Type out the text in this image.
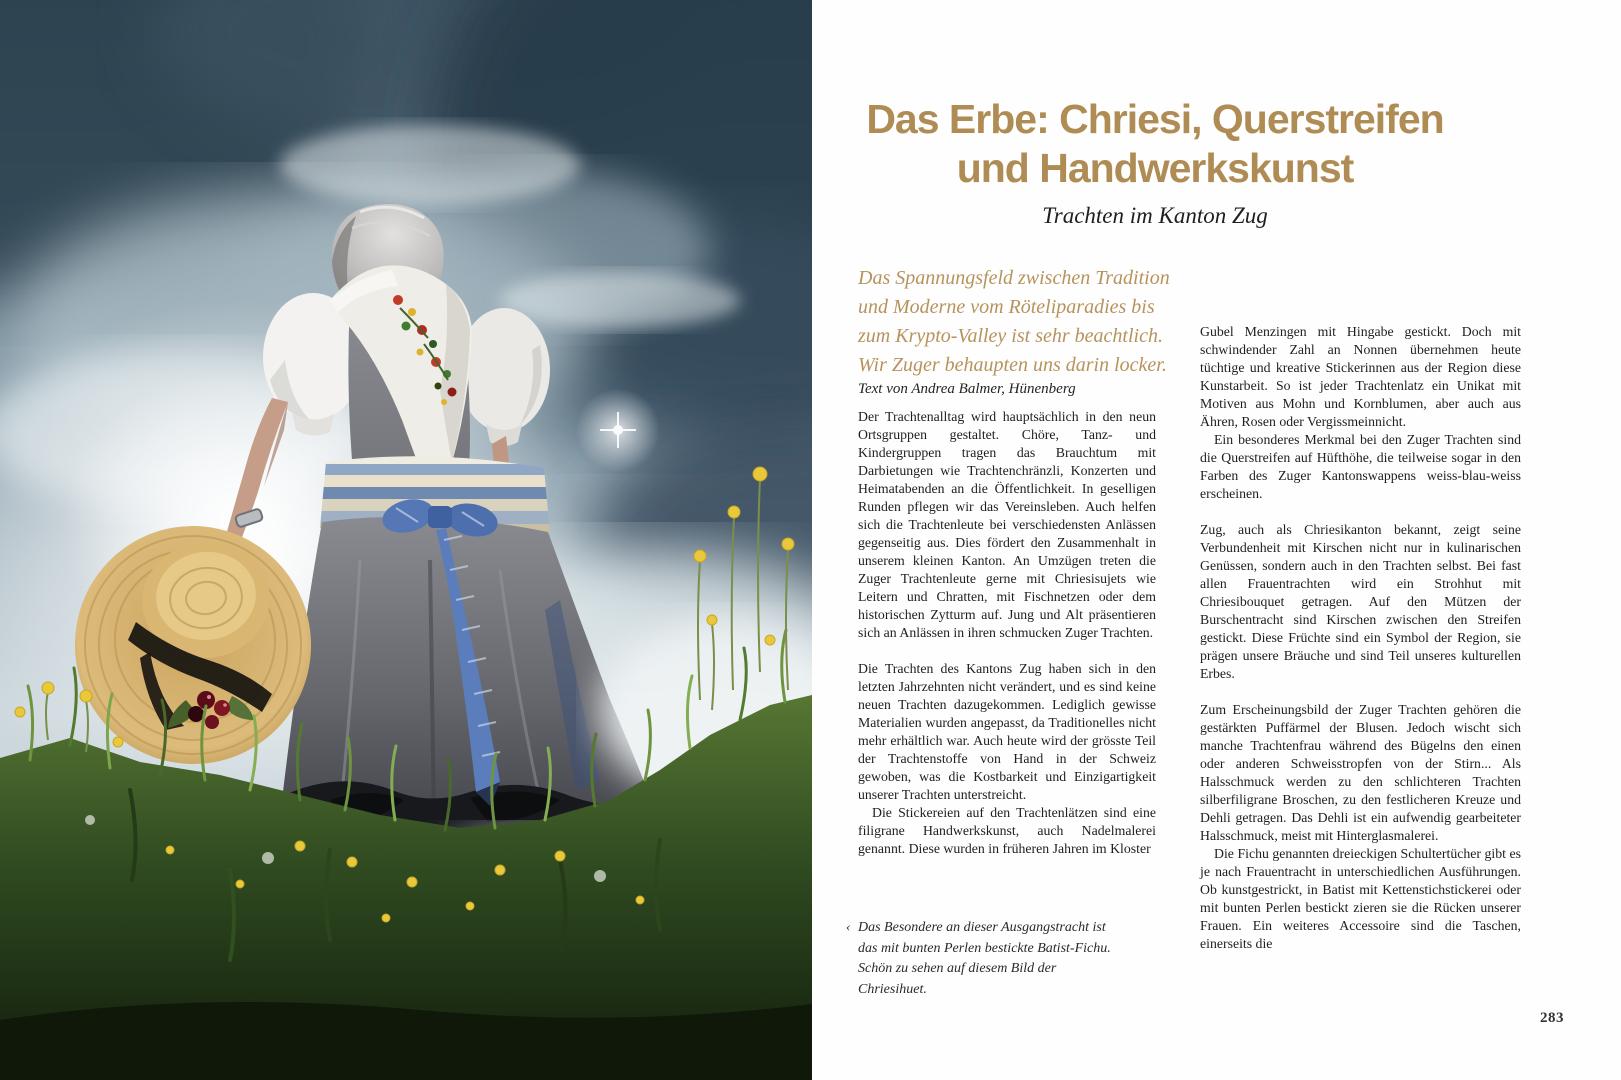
Das Erbe: Chriesi, Querstreifen
und Handwerkskunst
Trachten im Kanton Zug
Das Spannungsfeld zwischen Tradition und Moderne vom Röteliparadies bis zum Krypto-Valley ist sehr beachtlich. Wir Zuger behaupten uns darin locker.
Text von Andrea Balmer, Hünenberg

Der Trachtenalltag wird hauptsächlich in den neun Ortsgruppen gestaltet. Chöre, Tanz- und Kindergruppen tragen das Brauchtum mit Darbietungen wie Trachtenchränzli, Konzerten und Heimatabenden an die Öffentlichkeit. In geselligen Runden pflegen wir das Vereinsleben. Auch helfen sich die Trachtenleute bei verschiedensten Anlässen gegenseitig aus. Dies fördert den Zusammenhalt in unserem kleinen Kanton. An Umzügen treten die Zuger Trachtenleute gerne mit Chriesisujets wie Leitern und Chratten, mit Fischnetzen oder dem historischen Zytturm auf. Jung und Alt präsentieren sich an Anlässen in ihren schmucken Zuger Trachten.

Die Trachten des Kantons Zug haben sich in den letzten Jahrzehnten nicht verändert, und es sind keine neuen Trachten dazugekommen. Lediglich gewisse Materialien wurden angepasst, da Traditionelles nicht mehr erhältlich war. Auch heute wird der grösste Teil der Trachtenstoffe von Hand in der Schweiz gewoben, was die Kostbarkeit und Einzigartigkeit unserer Trachten unterstreicht.

Die Stickereien auf den Trachtenlätzen sind eine filigrane Handwerkskunst, auch Nadelmalerei genannt. Diese wurden in früheren Jahren im Kloster

Gubel Menzingen mit Hingabe gestickt. Doch mit schwindender Zahl an Nonnen übernehmen heute tüchtige und kreative Stickerinnen aus der Region diese Kunstarbeit. So ist jeder Trachtenlatz ein Unikat mit Motiven aus Mohn und Kornblumen, aber auch aus Ähren, Rosen oder Vergissmeinnicht.

Ein besonderes Merkmal bei den Zuger Trachten sind die Querstreifen auf Hüfthöhe, die teilweise sogar in den Farben des Zuger Kantonswappens weiss-blau-weiss erscheinen.

Zug, auch als Chriesikanton bekannt, zeigt seine Verbundenheit mit Kirschen nicht nur in kulinarischen Genüssen, sondern auch in den Trachten selbst. Bei fast allen Frauentrachten wird ein Strohhut mit Chriesibouquet getragen. Auf den Mützen der Burschentracht sind Kirschen zwischen den Streifen gestickt. Diese Früchte sind ein Symbol der Region, sie prägen unsere Bräuche und sind Teil unseres kulturellen Erbes.

Zum Erscheinungsbild der Zuger Trachten gehören die gestärkten Puffärmel der Blusen. Jedoch wischt sich manche Trachtenfrau während des Bügelns den einen oder anderen Schweisstropfen von der Stirn... Als Halsschmuck werden zu den schlichteren Trachten silberfiligrane Broschen, zu den festlicheren Kreuze und Dehli getragen. Das Dehli ist ein aufwendig gearbeiteter Halsschmuck, meist mit Hinterglasmalerei.

Die Fichu genannten dreieckigen Schultertücher gibt es je nach Frauentracht in unterschiedlichen Ausführungen. Ob kunstgestrickt, in Batist mit Kettenstichstickerei oder mit bunten Perlen bestickt zieren sie die Rücken unserer Frauen. Ein weiteres Accessoire sind die Taschen, einerseits die

‹ Das Besondere an dieser Ausgangstracht ist das mit bunten Perlen bestickte Batist-Fichu. Schön zu sehen auf diesem Bild der Chriesihuet.
283
